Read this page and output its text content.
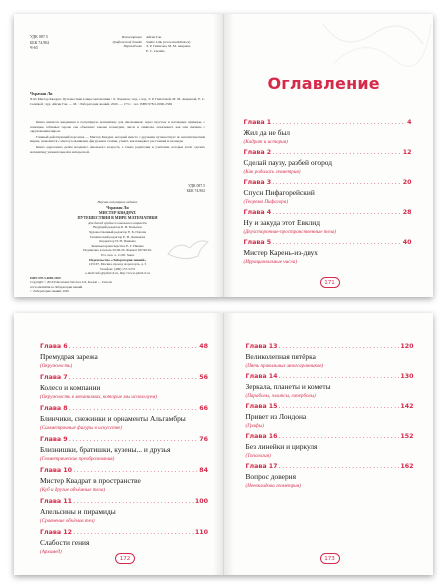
УДК 087.5
ББК 74.902
Ч-65
Иллюстрации	Айгин Ган
Графический дизайн	Studio Link (www.studiolink.ru)
Переводчики	Э. Р. Гиматова, М. М. Аверина,
Е. С. Сычёва
Чхраман Ли
Ч-65 Мистер Квадрат. Путешествия в мире математики / Л. Чхраман ; пер. с кор. Э. Р. Гиматовой, М. М. Авериной, Е. С. Сычёвой ; худ. Айгин Ган. — М. : Лаборатория знаний, 2020. — 173 с. : ил. ISBN 978-5-0000-2569

Книга является введением в популярную математику для школьников: через простые и наглядные примеры, с помощью забавных героев она объясняет законы геометрии, числа и символы, показывает, как они связаны с окружающим миром.

Главный действующий персонаж — Мистер Квадрат, который вместе с друзьями путешествует по математическим мирам, знакомится с многоугольниками, фигурами и телами, узнаёт, как измеряют расстояния и площади.

Книга адресована детям младшего школьного возраста, а также родителям и учителям, которые хотят сделать математику увлекательной и интересной.

УДК 087.5
ББК 74.902
Научно-популярное издание
Чхраман Ли
МИСТЕР КВАДРАТ.
ПУТЕШЕСТВИЯ В МИРЕ МАТЕМАТИКИ
Для детей среднего школьного возраста
Ведущий редактор Б. И. Копылов
Художественный редактор Е. Б. Попова
Технический редактор Е. В. Денюкова
Корректор И. Н. Панкова
Компьютерная верстка: Е. Г. Ивлева
Подписано в печать 02.06.20. Формат 60×90/16.
Усл. печ. л. 11,00. Заказ
Издательство «Лаборатория знаний»
125167, Москва, проезд Аэропорта, д. 3
Телефон: (499) 157-5272
e-mail: info@pilotLZ.ru, http://www.pilotLZ.ru
ISBN 978-5-0000-2569
Copyright © 2016 Educational Services Ltd. Korean — Taewon
www.studiolink.ru Лаборатория знаний
© Лаборатория знаний, 2020
Оглавление
Глава 1 .....	4
Жил да не был
(Кадрат и история)
Глава 2 .....	12
Сделай паузу, разбей огород
(Как родилась геометрия)
Глава 3 .....	20
Спусн Пифагорейский
(Теорема Пифагора)
Глава 4 .....	28
Ну и закуда этот Евклид
(Двухсторонние-пространственные тела)
Глава 5 .....	40
Мистер Карень-из-двух
(Иррациональные числа)
171
Глава 6 .....	48
Премудрая зарежа
(Окружность)
Глава 7 .....	56
Колесо и компании
(Окружность в механизмах, которые мы используем)
Глава 8 .....	66
Блинчики, снежинки и орнаменты Альгамбры
(Симметричные фигуры в искусстве)
Глава 9 .....	76
Близнишки, братишки, кузены... и друзья
(Геометрические преобразования)
Глава 10 .....	84
Мистер Квадрат в пространстве
(Куб и другие объёмные тела)
Глава 11 .....	100
Апельсины и пирамиды
(Сравнение объёмов тел)
Глава 12 .....	110
Слабости гения
(Архимед)
172
Глава 13 .....	120
Великолепная пятёрка
(Пять правильных многогранников)
Глава 14 .....	130
Зеркала, планеты и кометы
(Параболы, эллипсы, гиперболы)
Глава 15 .....	142
Привет из Лондона
(Графы)
Глава 16 .....	152
Без линейки и циркуля
(Топология)
Глава 17 .....	162
Вопрос доверия
(Неевклидова геометрия)
173
